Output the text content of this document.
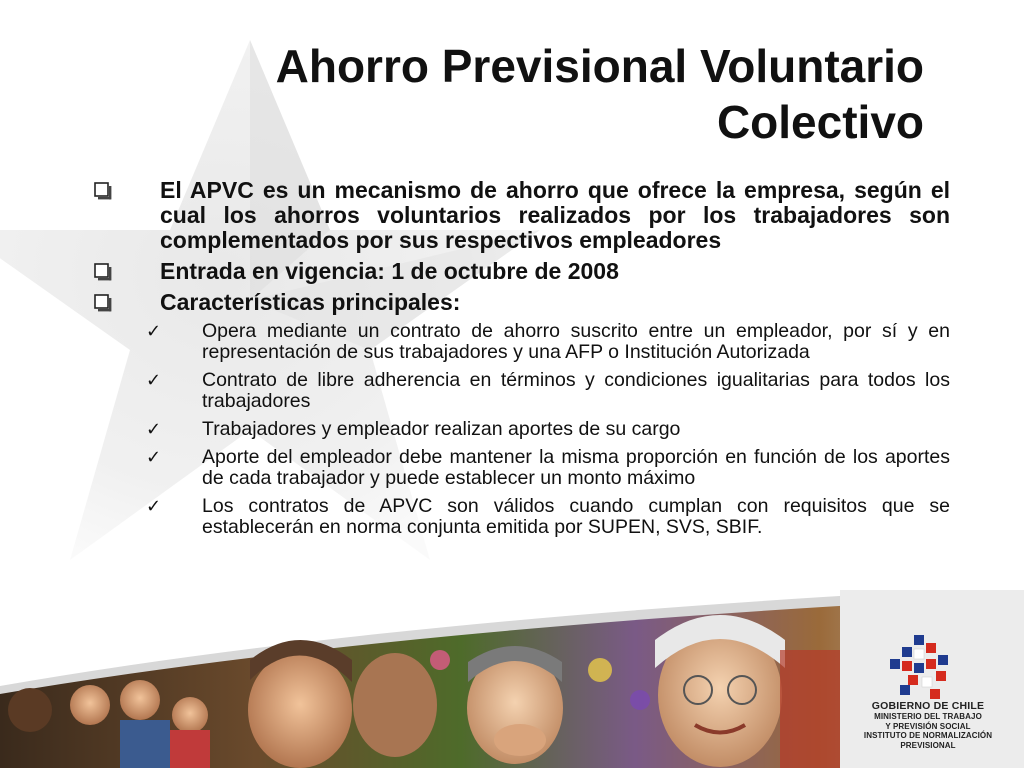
Ahorro Previsional Voluntario
Colectivo
El APVC es un mecanismo de ahorro que ofrece la empresa, según el cual los ahorros voluntarios realizados por los trabajadores son complementados por sus respectivos empleadores
Entrada en vigencia: 1 de octubre de 2008
Características principales:
✓ Opera mediante un contrato de ahorro suscrito entre un empleador, por sí y en representación de sus trabajadores y una AFP o Institución Autorizada
✓ Contrato de libre adherencia en términos y condiciones igualitarias para todos los trabajadores
✓ Trabajadores y empleador realizan aportes de su cargo
✓ Aporte del empleador debe mantener la misma proporción en función de los aportes de cada trabajador y puede establecer un monto máximo
✓ Los contratos de APVC son válidos cuando cumplan con requisitos que se establecerán en norma conjunta emitida por SUPEN, SVS, SBIF.
GOBIERNO DE CHILE
MINISTERIO DEL TRABAJO
Y PREVISIÓN SOCIAL
INSTITUTO DE NORMALIZACIÓN
PREVISIONAL
